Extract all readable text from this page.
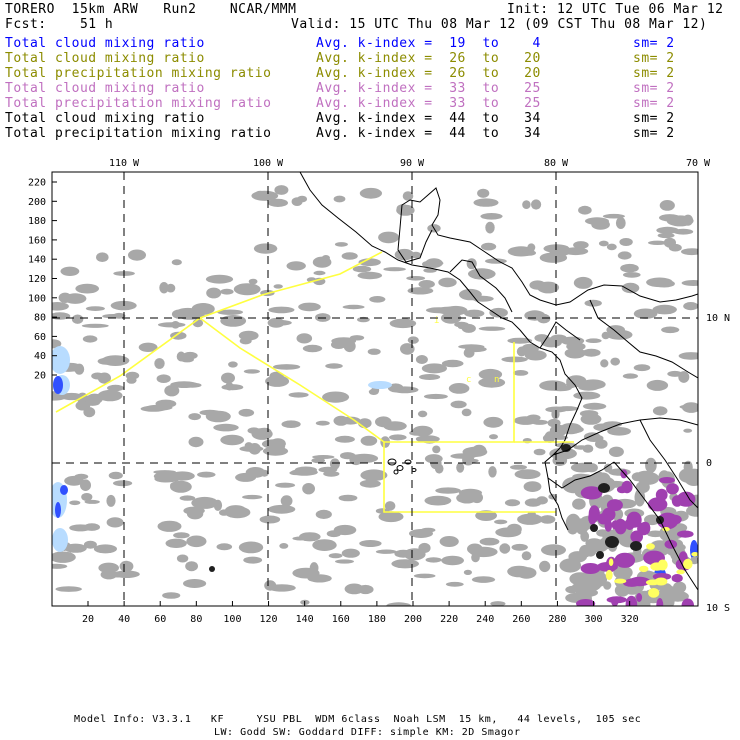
TORERO  15km ARW   Run2    NCAR/MMM	Init: 12 UTC Tue 06 Mar 12
Fcst:    51 h	Valid: 15 UTC Thu 08 Mar 12 (09 CST Thu 08 Mar 12)
Total cloud mixing ratio	Avg. k-index =  19  to    4	sm= 2
Total cloud mixing ratio	Avg. k-index =  26  to   20	sm= 2
Total precipitation mixing ratio	Avg. k-index =  26  to   20	sm= 2
Total cloud mixing ratio	Avg. k-index =  33  to   25	sm= 2
Total precipitation mixing ratio	Avg. k-index =  33  to   25	sm= 2
Total cloud mixing ratio	Avg. k-index =  44  to   34	sm= 2
Total precipitation mixing ratio	Avg. k-index =  44  to   34	sm= 2
i
c	n
110 W	100 W	90 W	80 W	70 W
10 N
0
10 S
220
200
180
160
140
120
100
80
60
40
20
20 40 60 80 100 120 140 160 180 200 220 240 260 280 300 320
Model Info: V3.3.1   KF     YSU PBL  WDM 6class  Noah LSM  15 km,   44 levels,  105 sec
LW: Godd SW: Goddard DIFF: simple KM: 2D Smagor
